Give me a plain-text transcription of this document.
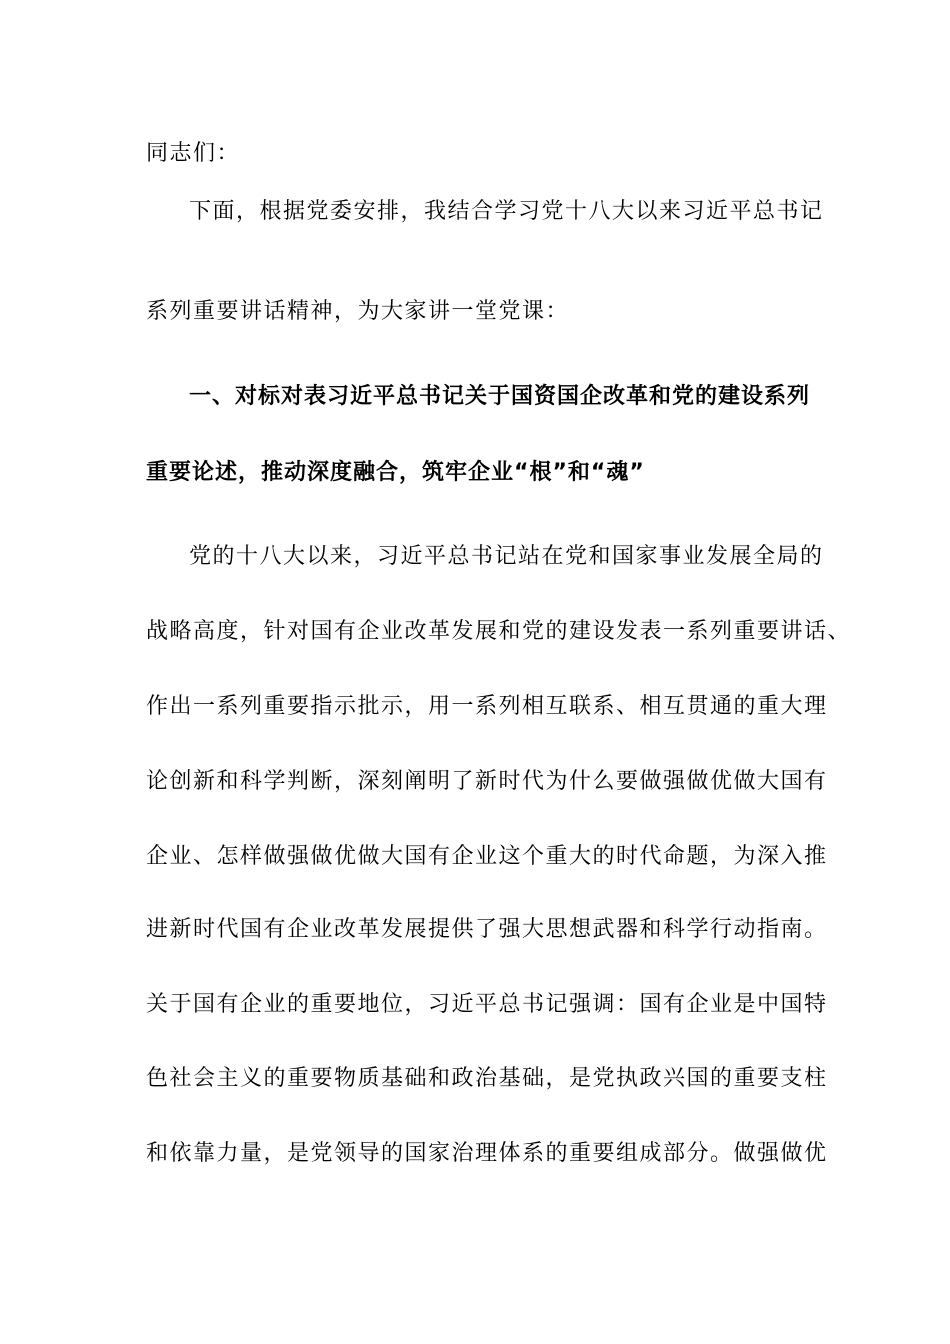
同志们：
下面，根据党委安排，我结合学习党十八大以来习近平总书记
系列重要讲话精神，为大家讲一堂党课：
一、对标对表习近平总书记关于国资国企改革和党的建设系列
重要论述，推动深度融合，筑牢企业“根”和“魂”
党的十八大以来，习近平总书记站在党和国家事业发展全局的
战略高度，针对国有企业改革发展和党的建设发表一系列重要讲话、
作出一系列重要指示批示，用一系列相互联系、相互贯通的重大理
论创新和科学判断，深刻阐明了新时代为什么要做强做优做大国有
企业、怎样做强做优做大国有企业这个重大的时代命题，为深入推
进新时代国有企业改革发展提供了强大思想武器和科学行动指南。
关于国有企业的重要地位，习近平总书记强调：国有企业是中国特
色社会主义的重要物质基础和政治基础，是党执政兴国的重要支柱
和依靠力量，是党领导的国家治理体系的重要组成部分。做强做优
